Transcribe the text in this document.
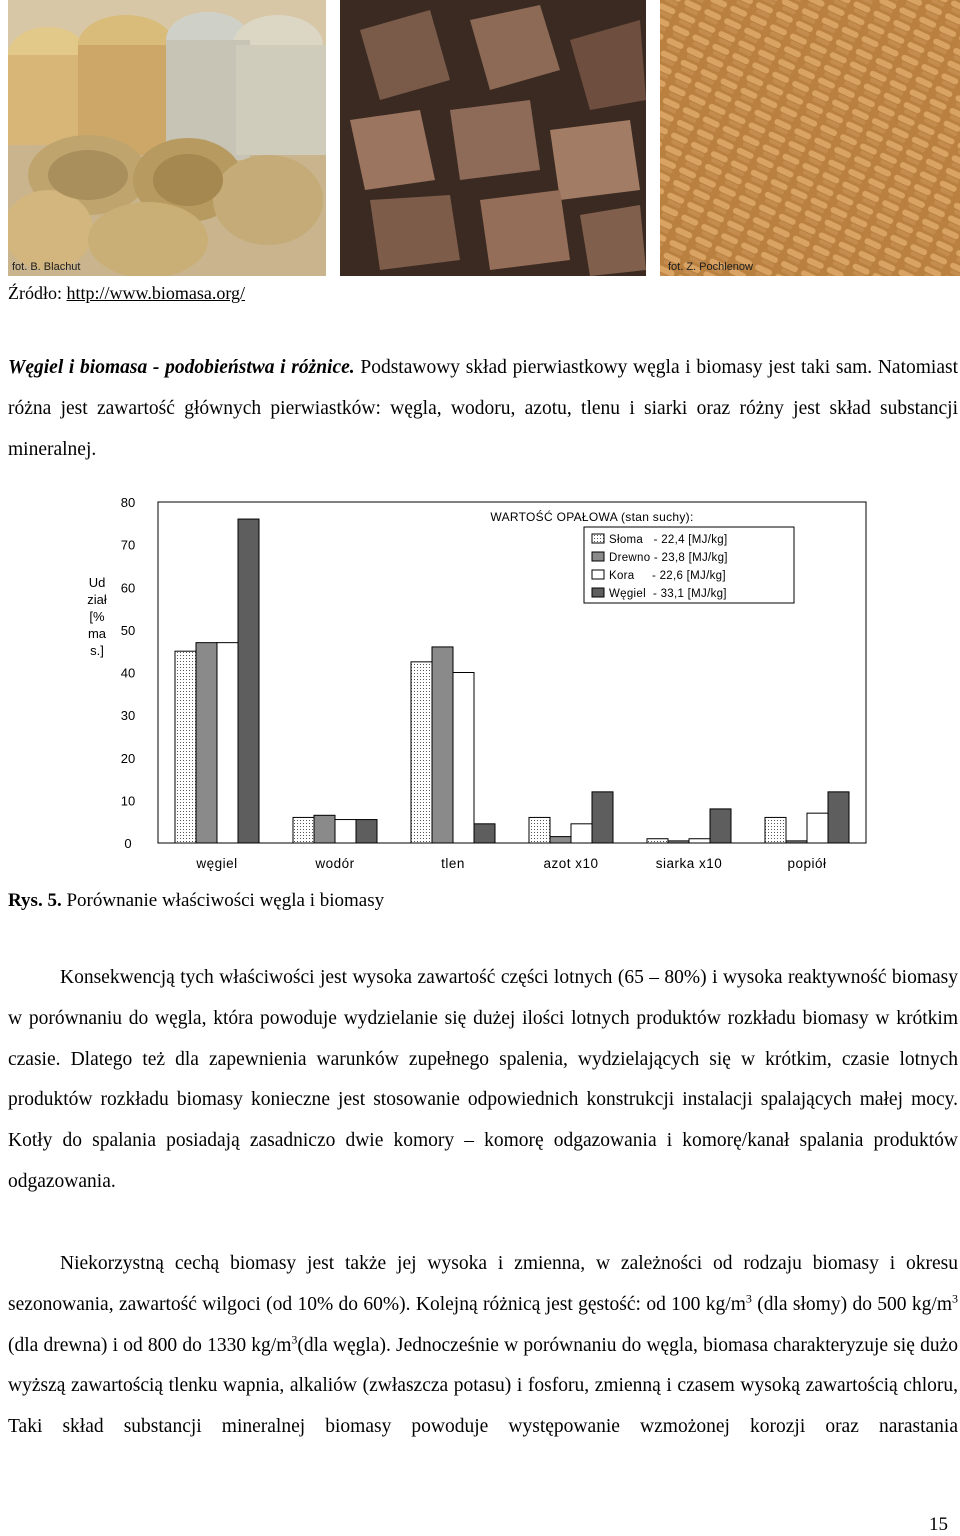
fot. B. Blachut	fot. Z. Pochlenow
Źródło: http://www.biomasa.org/
Węgiel i biomasa - podobieństwa i różnice. Podstawowy skład pierwiastkowy węgla i biomasy jest taki sam. Natomiast różna jest zawartość głównych pierwiastków: węgla, wodoru, azotu, tlenu i siarki oraz różny jest skład substancji mineralnej.
0
10
20
30
40
50
60
70
80
Ud
ział
[%
ma
s.]
węgiel	wodór	tlen	azot x10	siarka x10	popiół
WARTOŚĆ OPAŁOWA (stan suchy):
Słoma   - 22,4 [MJ/kg]
Drewno - 23,8 [MJ/kg]
Kora     - 22,6 [MJ/kg]
Węgiel  - 33,1 [MJ/kg]
Rys. 5. Porównanie właściwości węgla i biomasy
Konsekwencją tych właściwości jest wysoka zawartość części lotnych (65 – 80%) i wysoka reaktywność biomasy w porównaniu do węgla, która powoduje wydzielanie się dużej ilości lotnych produktów rozkładu biomasy w krótkim czasie. Dlatego też dla zapewnienia warunków zupełnego spalenia, wydzielających się w krótkim, czasie lotnych produktów rozkładu biomasy konieczne jest stosowanie odpowiednich konstrukcji instalacji spalających małej mocy. Kotły do spalania posiadają zasadniczo dwie komory – komorę odgazowania i komorę/kanał spalania produktów odgazowania.
Niekorzystną cechą biomasy jest także jej wysoka i zmienna, w zależności od rodzaju biomasy i okresu sezonowania, zawartość wilgoci (od 10% do 60%). Kolejną różnicą jest gęstość: od 100 $kg/m^3$ (dla słomy) do 500 $kg/m^3$ (dla drewna) i od 800 do 1330 $kg/m^3(dla$ węgla). Jednocześnie w porównaniu do węgla, biomasa charakteryzuje się dużo wyższą zawartością tlenku wapnia, alkaliów (zwłaszcza potasu) i fosforu, zmienną i czasem wysoką zawartością chloru, Taki skład substancji mineralnej biomasy powoduje występowanie wzmożonej korozji oraz narastania
15
